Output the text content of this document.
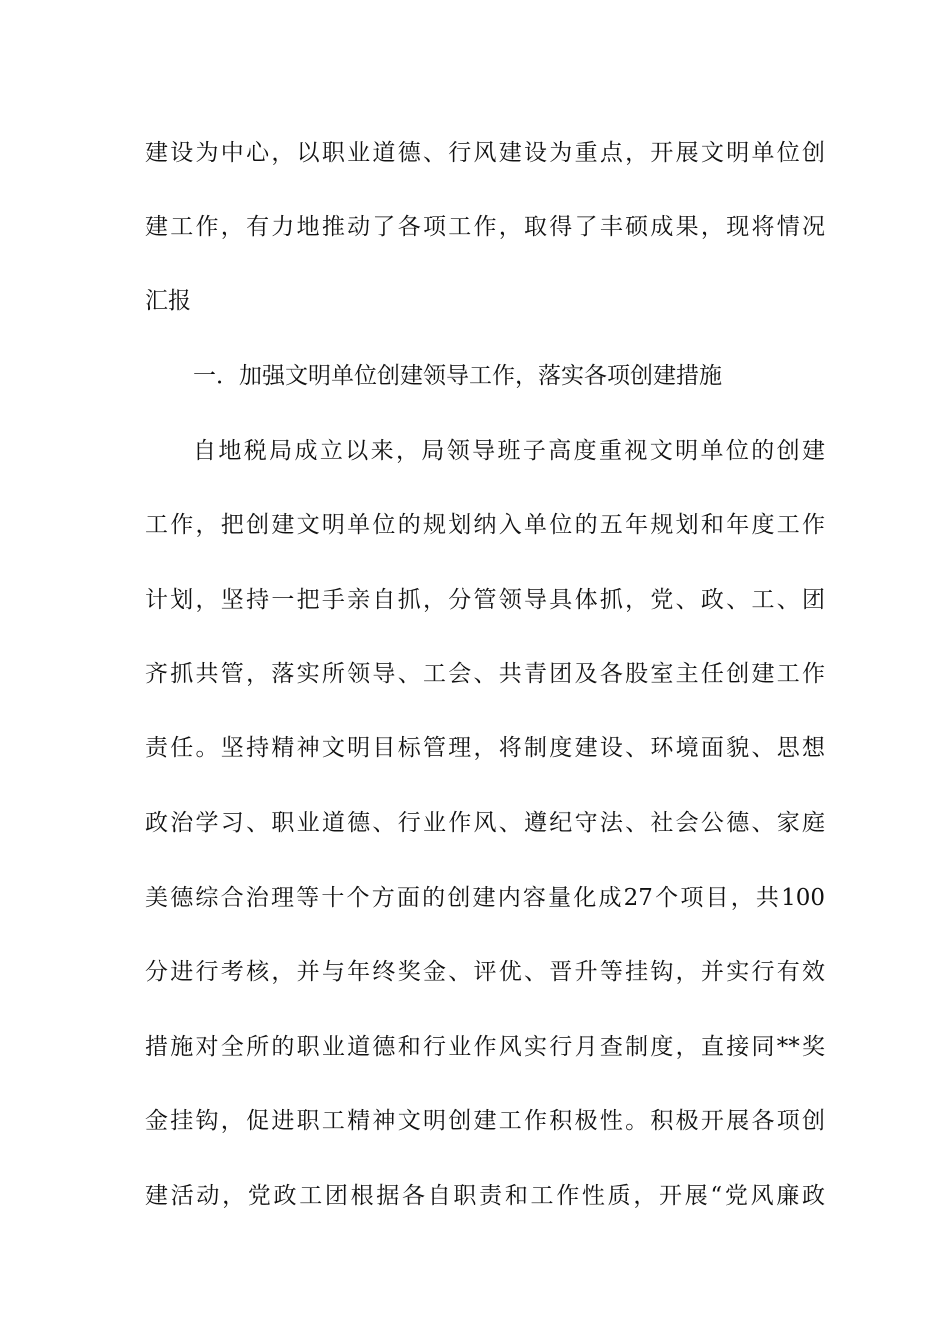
建设为中心，以职业道德、行风建设为重点，开展文明单位创
建工作，有力地推动了各项工作，取得了丰硕成果，现将情况
汇报
一．加强文明单位创建领导工作，落实各项创建措施
自地税局成立以来，局领导班子高度重视文明单位的创建
工作，把创建文明单位的规划纳入单位的五年规划和年度工作
计划，坚持一把手亲自抓，分管领导具体抓，党、政、工、团
齐抓共管，落实所领导、工会、共青团及各股室主任创建工作
责任。坚持精神文明目标管理，将制度建设、环境面貌、思想
政治学习、职业道德、行业作风、遵纪守法、社会公德、家庭
美德综合治理等十个方面的创建内容量化成27个项目，共100
分进行考核，并与年终奖金、评优、晋升等挂钩，并实行有效
措施对全所的职业道德和行业作风实行月查制度，直接同**奖
金挂钩，促进职工精神文明创建工作积极性。积极开展各项创
建活动，党政工团根据各自职责和工作性质，开展“党风廉政
